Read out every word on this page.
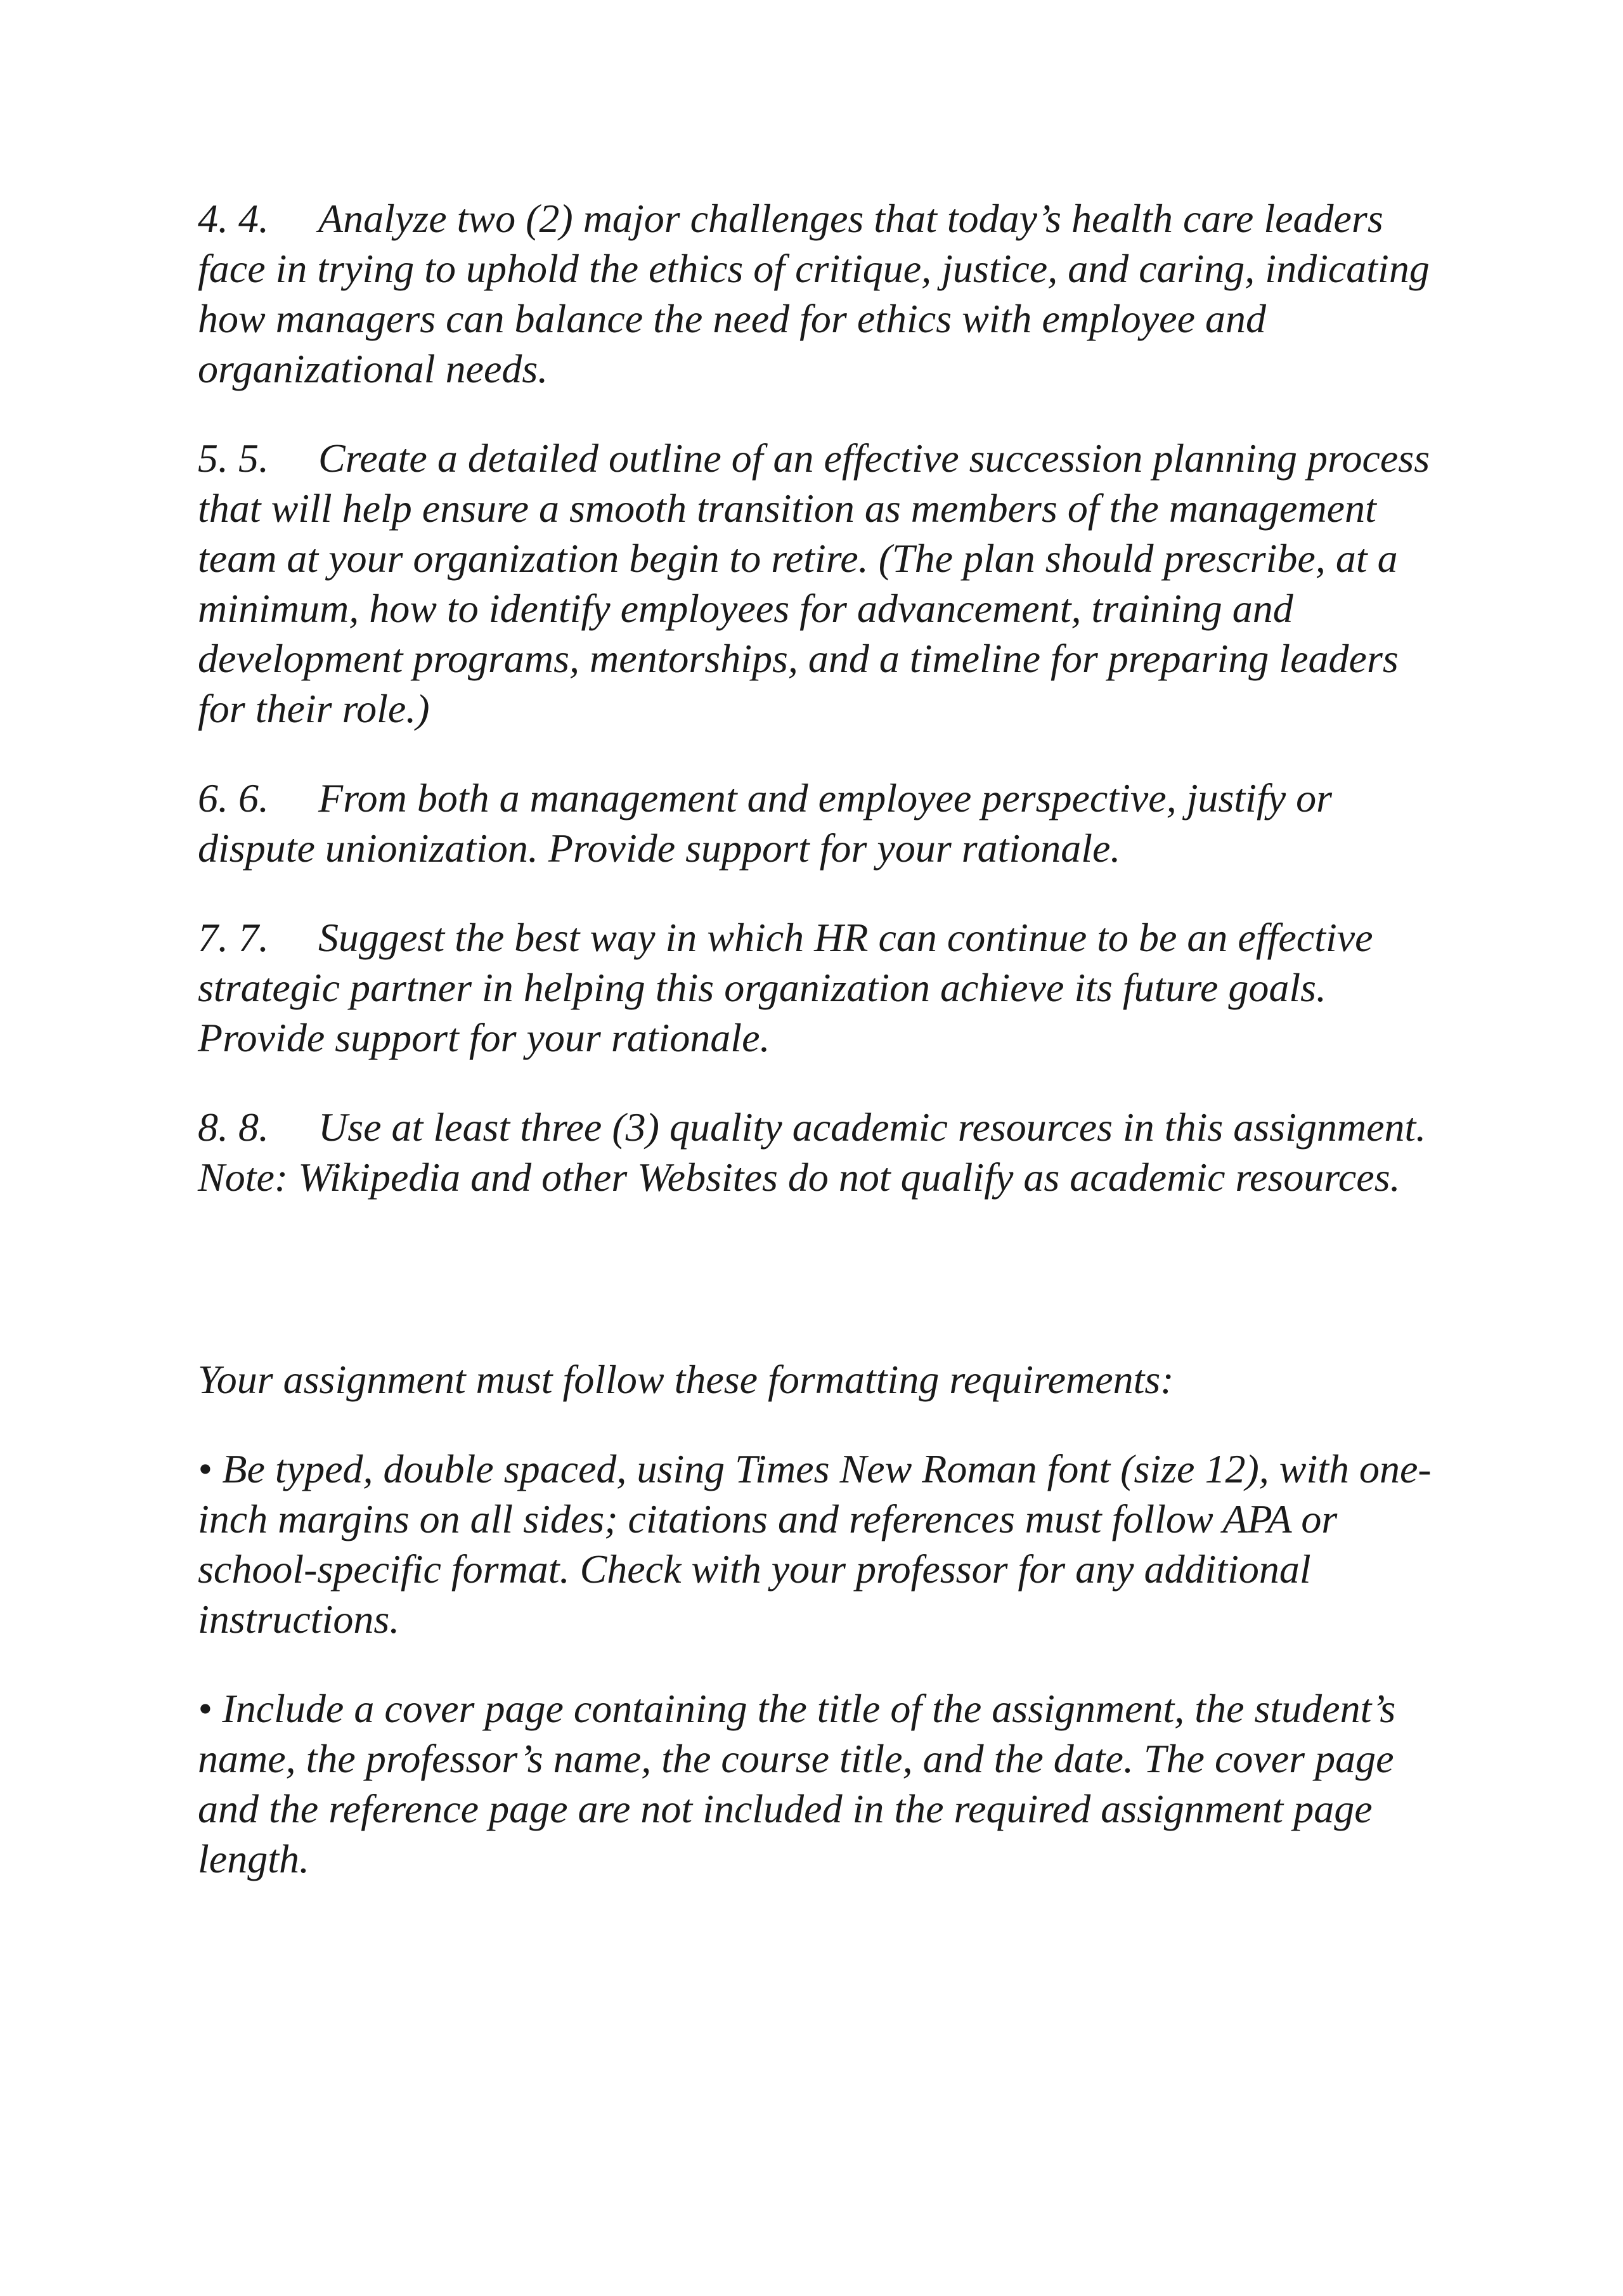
4. 4. Analyze two (2) major challenges that today’s health care leaders face in trying to uphold the ethics of critique, justice, and caring, indicating how managers can balance the need for ethics with employee and organizational needs.

5. 5. Create a detailed outline of an effective succession planning process that will help ensure a smooth transition as members of the management team at your organization begin to retire. (The plan should prescribe, at a minimum, how to identify employees for advancement, training and development programs, mentorships, and a timeline for preparing leaders for their role.)

6. 6. From both a management and employee perspective, justify or dispute unionization. Provide support for your rationale.

7. 7. Suggest the best way in which HR can continue to be an effective strategic partner in helping this organization achieve its future goals. Provide support for your rationale.

8. 8. Use at least three (3) quality academic resources in this assignment. Note: Wikipedia and other Websites do not qualify as academic resources.

Your assignment must follow these formatting requirements:

• Be typed, double spaced, using Times New Roman font (size 12), with one-inch margins on all sides; citations and references must follow APA or school-specific format. Check with your professor for any additional instructions.

• Include a cover page containing the title of the assignment, the student’s name, the professor’s name, the course title, and the date. The cover page and the reference page are not included in the required assignment page length.
